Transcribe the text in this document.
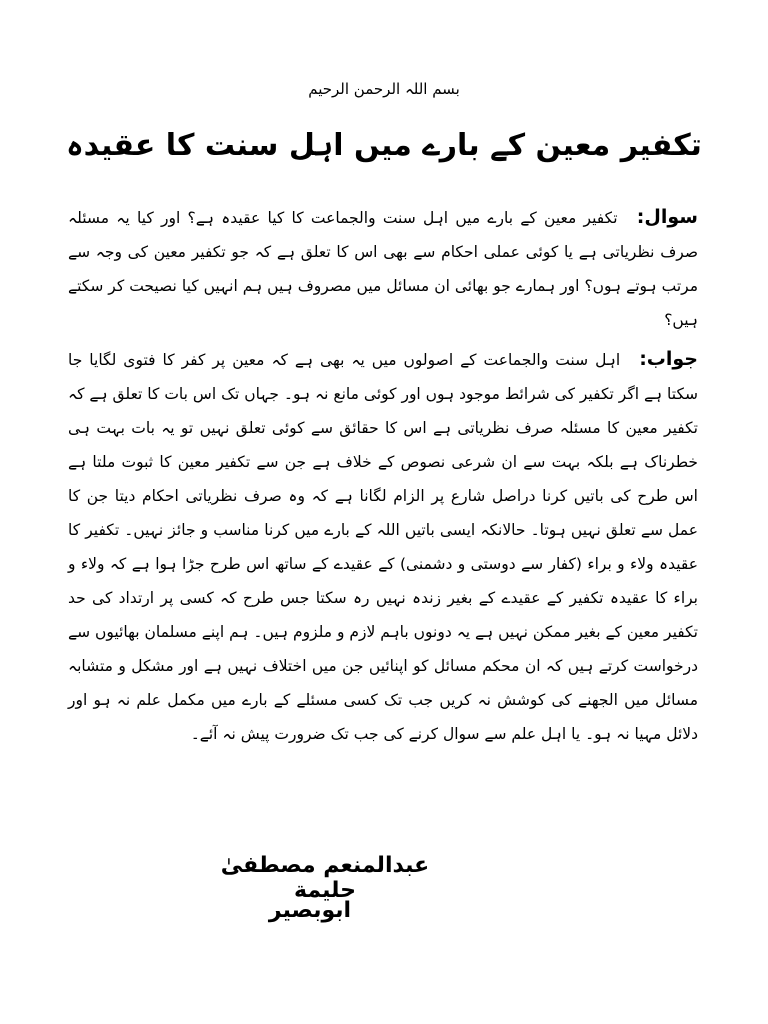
بسم اللہ الرحمن الرحیم
تکفیر معین کے بارے میں اہل سنت کا عقیدہ
سوال: تکفیر معین کے بارے میں اہل سنت والجماعت کا کیا عقیدہ ہے؟ اور کیا یہ مسئلہ صرف نظریاتی ہے یا کوئی عملی احکام سے بھی اس کا تعلق ہے کہ جو تکفیر معین کی وجہ سے مرتب ہوتے ہوں؟ اور ہمارے جو بھائی ان مسائل میں مصروف ہیں ہم انہیں کیا نصیحت کر سکتے ہیں؟
جواب: اہل سنت والجماعت کے اصولوں میں یہ بھی ہے کہ معین پر کفر کا فتوی لگایا جا سکتا ہے اگر تکفیر کی شرائط موجود ہوں اور کوئی مانع نہ ہو۔ جہاں تک اس بات کا تعلق ہے کہ تکفیر معین کا مسئلہ صرف نظریاتی ہے اس کا حقائق سے کوئی تعلق نہیں تو یہ بات بہت ہی خطرناک ہے بلکہ بہت سے ان شرعی نصوص کے خلاف ہے جن سے تکفیر معین کا ثبوت ملتا ہے اس طرح کی باتیں کرنا دراصل شارع پر الزام لگانا ہے کہ وہ صرف نظریاتی احکام دیتا جن کا عمل سے تعلق نہیں ہوتا۔ حالانکہ ایسی باتیں اللہ کے بارے میں کرنا مناسب و جائز نہیں۔ تکفیر کا عقیدہ ولاء و براء (کفار سے دوستی و دشمنی) کے عقیدے کے ساتھ اس طرح جڑا ہوا ہے کہ ولاء و براء کا عقیدہ تکفیر کے عقیدے کے بغیر زندہ نہیں رہ سکتا جس طرح کہ کسی پر ارتداد کی حد تکفیر معین کے بغیر ممکن نہیں ہے یہ دونوں باہم لازم و ملزوم ہیں۔ ہم اپنے مسلمان بھائیوں سے درخواست کرتے ہیں کہ ان محکم مسائل کو اپنائیں جن میں اختلاف نہیں ہے اور مشکل و متشابہ مسائل میں الجھنے کی کوشش نہ کریں جب تک کسی مسئلے کے بارے میں مکمل علم نہ ہو اور دلائل مہیا نہ ہو۔ یا اہل علم سے سوال کرنے کی جب تک ضرورت پیش نہ آئے۔
عبدالمنعم مصطفیٰ حلیمة
ابوبصیر
